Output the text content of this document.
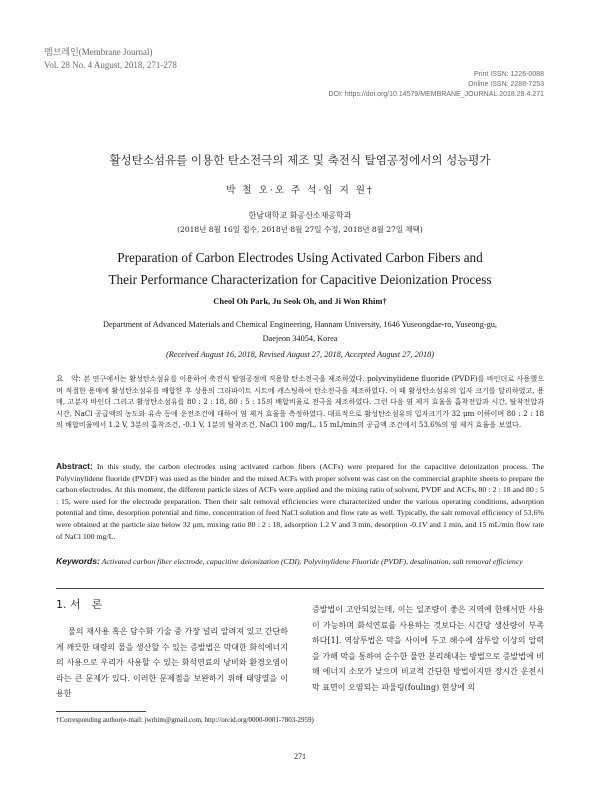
멤브레인(Membrane Journal)
Vol. 28 No. 4 August, 2018, 271-278
Print ISSN: 1226-0088
Online ISSN: 2288-7253
DOI: https://doi.org/10.14579/MEMBRANE_JOURNAL.2018.28.4.271
활성탄소섬유를 이용한 탄소전극의 제조 및 축전식 탈염공정에서의 성능평가
박 철 오·오 주 석·임 지 원†
한남대학교 화공신소재공학과
(2018년 8월 16일 접수, 2018년 8월 27일 수정, 2018년 8월 27일 채택)
Preparation of Carbon Electrodes Using Activated Carbon Fibers and
Their Performance Characterization for Capacitive Deionization Process
Cheol Oh Park, Ju Seok Oh, and Ji Won Rhim†
Department of Advanced Materials and Chemical Engineering, Hannam University, 1646 Yuseongdae-ro, Yuseong-gu,
Daejeon 34054, Korea
(Received August 16, 2018, Revised August 27, 2018, Accepted August 27, 2018)
요　약: 본 연구에서는 활성탄소섬유를 이용하여 축전식 탈염공정에 적용할 탄소전극을 제조하였다. polyvinylidene fluoride (PVDF)를 바인더로 사용했으며 적절한 용매에 활성탄소섬유를 배합한 후 상용의 그라파이트 시트에 캐스팅하여 탄소전극을 제조하였다. 이 때 활성탄소섬유의 입자 크기를 달리하였고, 용매, 고분자 바인더 그리고 활성탄소섬유를 80 : 2 : 18, 80 : 5 : 15의 배합비율로 전극을 제조하였다. 그런 다음 염 제거 효율을 흡착전압과 시간, 탈착전압과 시간, NaCl 공급액의 농도와 유속 등에 운전조건에 대하여 염 제거 효율을 측정하였다. 대표적으로 활성탄소섬유의 입자크기가 32 μm 이하이며 80 : 2 : 18의 배합비율에서 1.2 V, 3분의 흡착조건, -0.1 V, 1분의 탈착조건, NaCl 100 mg/L, 15 mL/min의 공급액 조건에서 53.6%의 염 제거 효율을 보였다.
Abstract: In this study, the carbon electrodes using activated carbon fibers (ACFs) were prepared for the capacitive deionization process. The Polyvinylidene fluoride (PVDF) was used as the binder and the mixed ACFs with proper solvent was cast on the commercial graphite sheets to prepare the carbon electrodes. At this moment, the different particle sizes of ACFs were applied and the mixing ratio of solvent, PVDF and ACFs, 80 : 2 : 18 and 80 : 5 : 15, were used for the electrode preparation. Then their salt removal efficiencies were characterized under the various operating conditions, adsorption potential and time, desorption potential and time, concentration of feed NaCl solution and flow rate as well. Typically, the salt removal efficiency of 53.6% were obtained at the particle size below 32 μm, mixing ratio 80 : 2 : 18, adsorption 1.2 V and 3 min, desorption -0.1V and 1 min, and 15 mL/min flow rate of NaCl 100 mg/L.
Keywords: Activated carbon fiber electrode, capacitive deionization (CDI), Polyvinylidene Fluoride (PVDF), desalination, salt removal efficiency
1. 서　론

물의 재사용 혹은 담수화 기술 중 가장 널리 알려져 있고 간단하게 깨끗한 대량의 물을 생산할 수 있는 증발법은 막대한 화석에너지의 사용으로 우리가 사용할 수 있는 화석연료의 낭비와 환경오염이라는 큰 문제가 있다. 이러한 문제점을 보완하기 위해 태양열을 이용한

증발법이 고안되었는데, 이는 일조량이 좋은 지역에 한해서만 사용이 가능하며 화석연료를 사용하는 것보다는 시간당 생산량이 부족하다[1]. 역삼투법은 막을 사이에 두고 해수에 삼투압 이상의 압력을 가해 막을 통하여 순수한 물만 분리해내는 방법으로 증발법에 비해 에너지 소모가 낮으며 비교적 간단한 방법이지만 장시간 운전시 막 표면이 오염되는 파울링(fouling) 현상에 의

†Corresponding author(e-mail: jwrhim@gmail.com, http://orcid.org/0000-0001-7803-2959)
271
